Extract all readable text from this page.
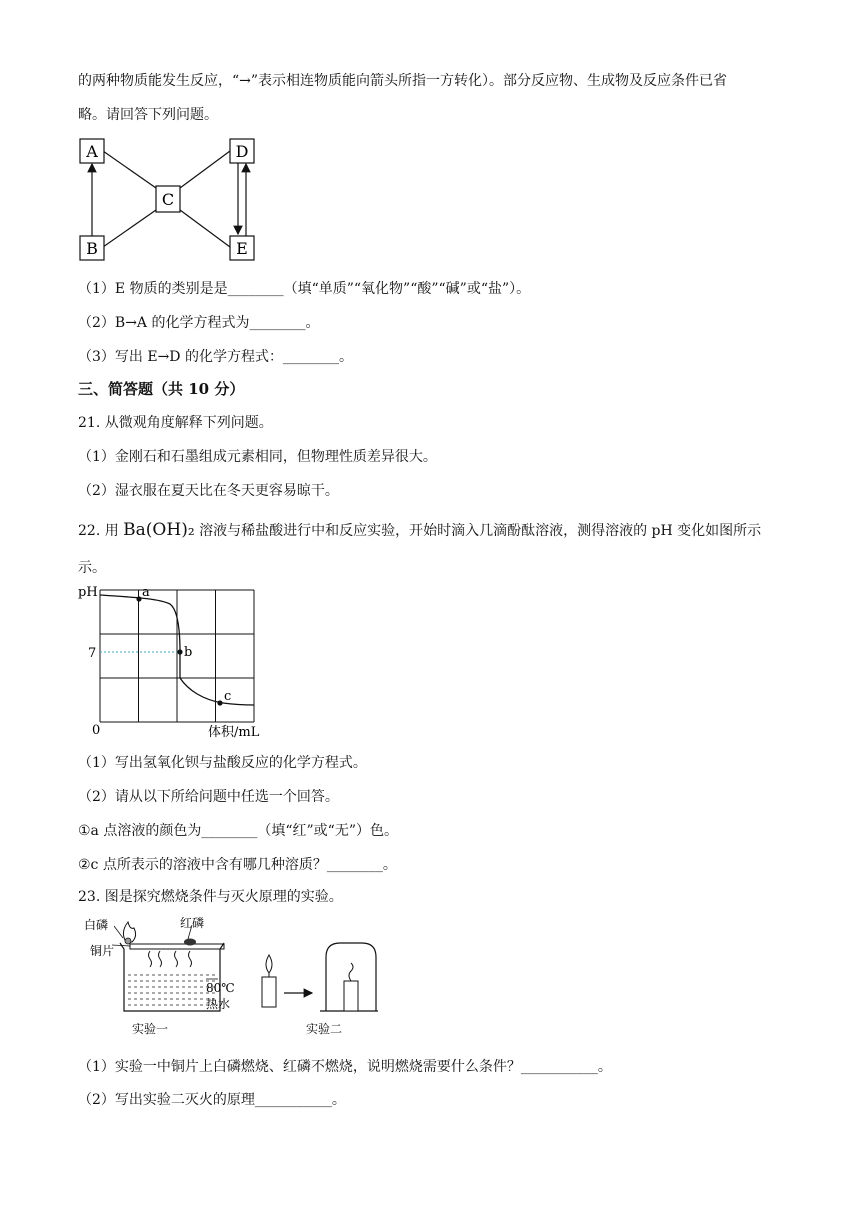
的两种物质能发生反应，“→”表示相连物质能向箭头所指一方转化）。部分反应物、生成物及反应条件已省
略。请回答下列问题。
A
B
C
D
E
（1）E 物质的类别是是________（填“单质”“氧化物”“酸”“碱”或“盐”）。
（2）B→A 的化学方程式为________。
（3）写出 E→D 的化学方程式：________。
三、简答题（共 10 分）
21. 从微观角度解释下列问题。
（1）金刚石和石墨组成元素相同，但物理性质差异很大。
（2）湿衣服在夏天比在冬天更容易晾干。
22. 用 Ba(OH)₂ 溶液与稀盐酸进行中和反应实验，开始时滴入几滴酚酞溶液，测得溶液的 pH 变化如图所示
示。
pH
7
0	体积/mL
a
b
c
（1）写出氢氧化钡与盐酸反应的化学方程式。
（2）请从以下所给问题中任选一个回答。
①a 点溶液的颜色为________（填“红”或“无”）色。
②c 点所表示的溶液中含有哪几种溶质？________。
23. 图是探究燃烧条件与灭火原理的实验。
白磷	红磷
铜片
80℃
热水
实验一	实验二
（1）实验一中铜片上白磷燃烧、红磷不燃烧，说明燃烧需要什么条件？___________。
（2）写出实验二灭火的原理___________。
